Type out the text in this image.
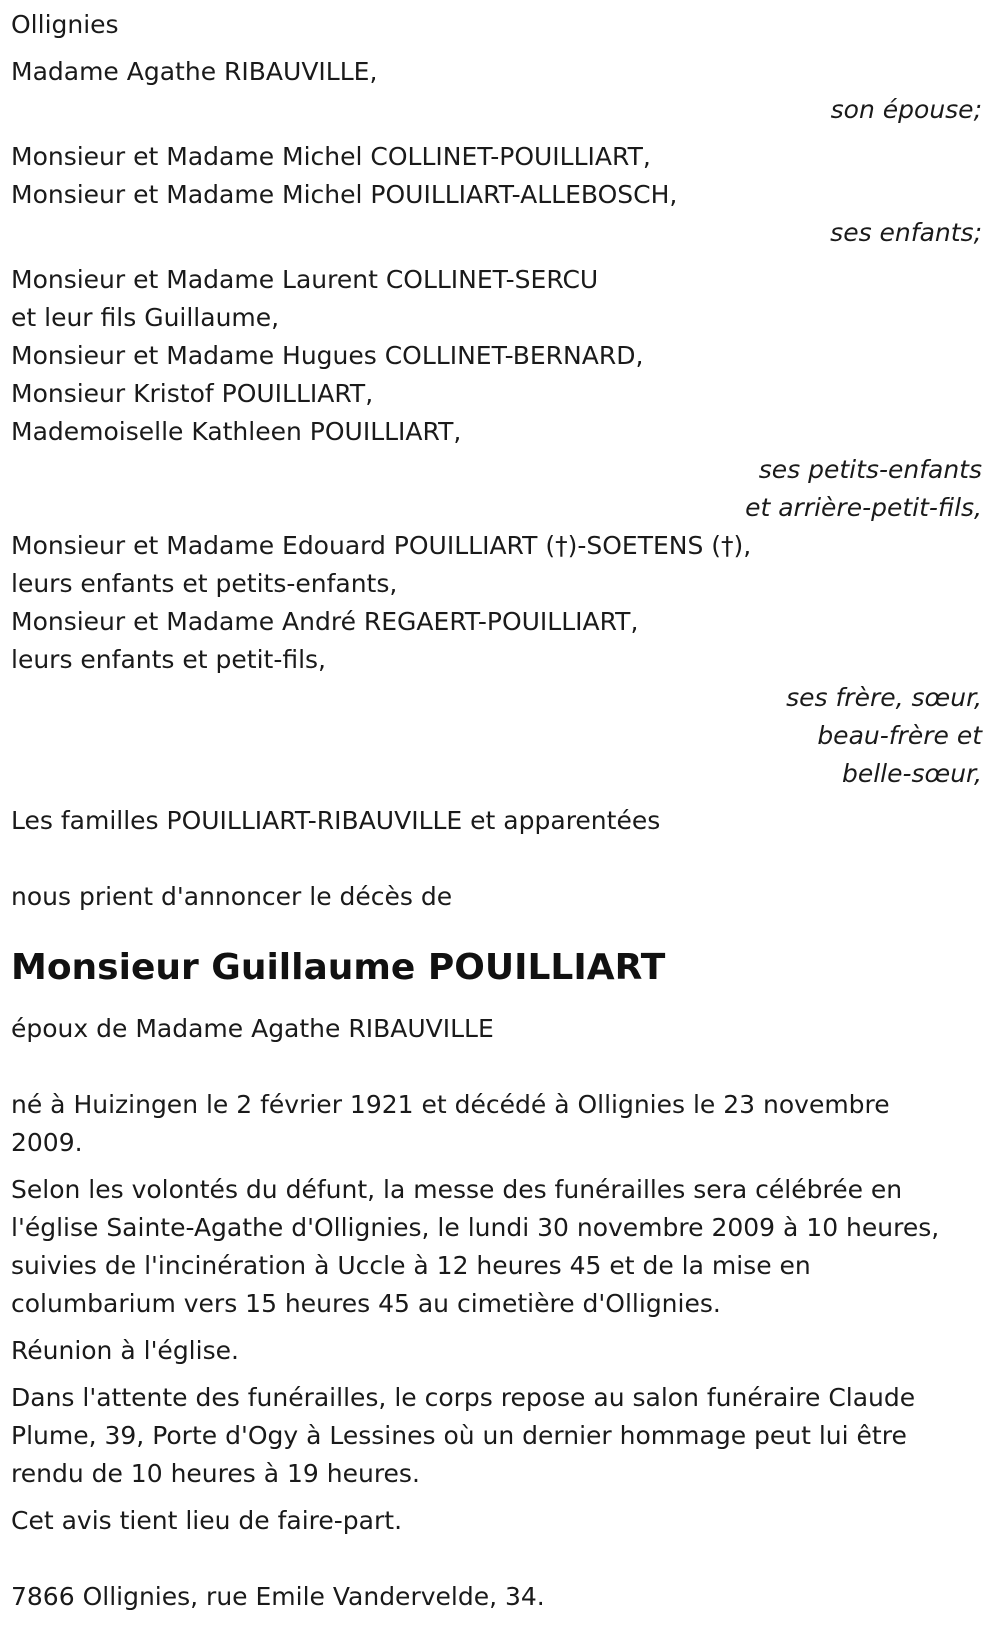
Ollignies
Madame Agathe RIBAUVILLE,
son épouse;
Monsieur et Madame Michel COLLINET-POUILLIART,
Monsieur et Madame Michel POUILLIART-ALLEBOSCH,
ses enfants;
Monsieur et Madame Laurent COLLINET-SERCU
et leur fils Guillaume,
Monsieur et Madame Hugues COLLINET-BERNARD,
Monsieur Kristof POUILLIART,
Mademoiselle Kathleen POUILLIART,
ses petits-enfants
et arrière-petit-fils,
Monsieur et Madame Edouard POUILLIART (†)-SOETENS (†),
leurs enfants et petits-enfants,
Monsieur et Madame André REGAERT-POUILLIART,
leurs enfants et petit-fils,
ses frère, sœur,
beau-frère et
belle-sœur,
Les familles POUILLIART-RIBAUVILLE et apparentées
nous prient d'annoncer le décès de
Monsieur Guillaume POUILLIART
époux de Madame Agathe RIBAUVILLE
né à Huizingen le 2 février 1921 et décédé à Ollignies le 23 novembre
2009.
Selon les volontés du défunt, la messe des funérailles sera célébrée en
l'église Sainte-Agathe d'Ollignies, le lundi 30 novembre 2009 à 10 heures,
suivies de l'incinération à Uccle à 12 heures 45 et de la mise en
columbarium vers 15 heures 45 au cimetière d'Ollignies.
Réunion à l'église.
Dans l'attente des funérailles, le corps repose au salon funéraire Claude
Plume, 39, Porte d'Ogy à Lessines où un dernier hommage peut lui être
rendu de 10 heures à 19 heures.
Cet avis tient lieu de faire-part.
7866 Ollignies, rue Emile Vandervelde, 34.
